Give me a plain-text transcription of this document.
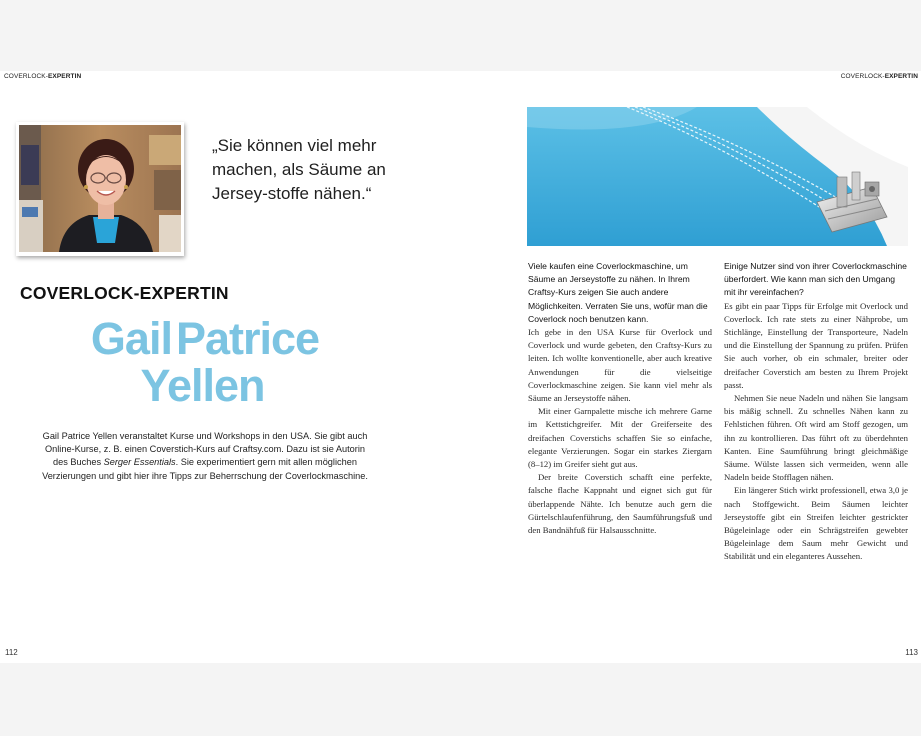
COVERLOCK-EXPERTIN	COVERLOCK-EXPERTIN
„Sie können viel mehr machen, als Säume an Jersey-stoffe nähen.“
COVERLOCK-EXPERTIN
GailPatrice
Yellen
Gail Patrice Yellen veranstaltet Kurse und Workshops in den USA. Sie gibt auch Online-Kurse, z. B. einen Coverstich-Kurs auf Craftsy.com. Dazu ist sie Autorin des Buches Serger Essentials. Sie experimentiert gern mit allen möglichen Verzierungen und gibt hier ihre Tipps zur Beherrschung der Coverlockmaschine.
112	113

Viele kaufen eine Coverlockmaschine, um Säume an Jerseystoffe zu nähen. In Ihrem Craftsy-Kurs zeigen Sie auch andere Möglichkeiten. Verraten Sie uns, wofür man die Coverlock noch benutzen kann.

Ich gebe in den USA Kurse für Overlock und Coverlock und wurde gebeten, den Craftsy-Kurs zu leiten. Ich wollte konventionelle, aber auch kreative Anwendungen für die vielseitige Coverlockmaschine zeigen. Sie kann viel mehr als Säume an Jerseystoffe nähen.

Mit einer Garnpalette mische ich mehrere Garne im Kettstichgreifer. Mit der Greiferseite des dreifachen Coverstichs schaffen Sie so einfache, elegante Verzierungen. Sogar ein starkes Ziergarn (8–12) im Greifer sieht gut aus.

Der breite Coverstich schafft eine perfekte, falsche flache Kappnaht und eignet sich gut für überlappende Nähte. Ich benutze auch gern die Gürtelschlaufenführung, den Saumführungsfuß und den Bandnähfuß für Halsausschnitte.

Einige Nutzer sind von ihrer Coverlockmaschine überfordert. Wie kann man sich den Umgang mit ihr vereinfachen?

Es gibt ein paar Tipps für Erfolge mit Overlock und Coverlock. Ich rate stets zu einer Nähprobe, um Stichlänge, Einstellung der Transporteure, Nadeln und die Einstellung der Spannung zu prüfen. Prüfen Sie auch vorher, ob ein schmaler, breiter oder dreifacher Coverstich am besten zu Ihrem Projekt passt.

Nehmen Sie neue Nadeln und nähen Sie langsam bis mäßig schnell. Zu schnelles Nähen kann zu Fehlstichen führen. Oft wird am Stoff gezogen, um ihn zu kontrollieren. Das führt oft zu überdehnten Kanten. Eine Saumführung bringt gleichmäßige Säume. Wülste lassen sich vermeiden, wenn alle Nadeln beide Stofflagen nähen.

Ein längerer Stich wirkt professionell, etwa 3,0 je nach Stoffgewicht. Beim Säumen leichter Jerseystoffe gibt ein Streifen leichter gestrickter Bügeleinlage oder ein Schrägstreifen gewebter Bügeleinlage dem Saum mehr Gewicht und Stabilität und ein eleganteres Aussehen.
